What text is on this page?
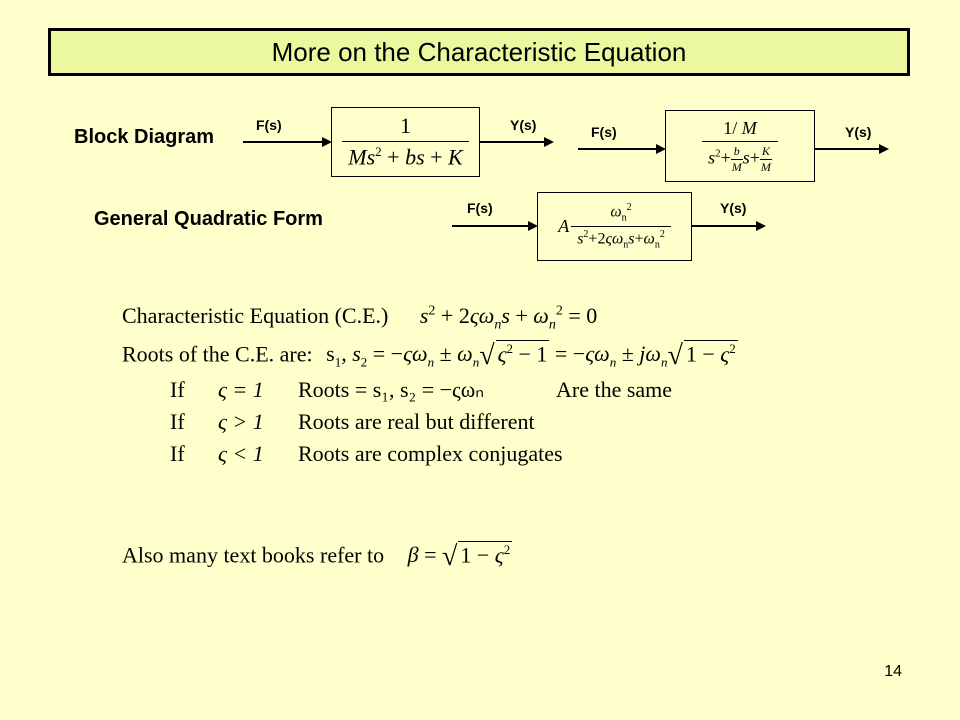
More on the Characteristic Equation
Block Diagram
F(s)	$\frac{1}{Ms^2 + bs + K}$	Y(s)	F(s)	$\frac{1/ M}{s^2+ \frac{b}{M} s+ \frac{K}{M}}$	Y(s)
General Quadratic Form	F(s)
A $\frac{\omega_n^2}{s^2+2\varsigma\omega_ns+\omega_n^2}$	Y(s)
Characteristic Equation (C.E.) $s^2 + 2\varsigma\omega_ns + \omega_n^2 = 0$
Roots of the C.E. are: $s_1$, $s_2 = -\varsigma\omega_n \pm \omega_n√$ $\varsigma^2 - 1 = -\varsigma\omega_n \pm j\omega_n√$ $1 - \varsigma^2$
If ς = 1 Roots = s₁, s₂ = −ςωₙ	Are the same
If ς > 1 Roots are real but different
If ς < 1 Roots are complex conjugates
Also many text books refer to β = √ $1 - \varsigma^2$
14
